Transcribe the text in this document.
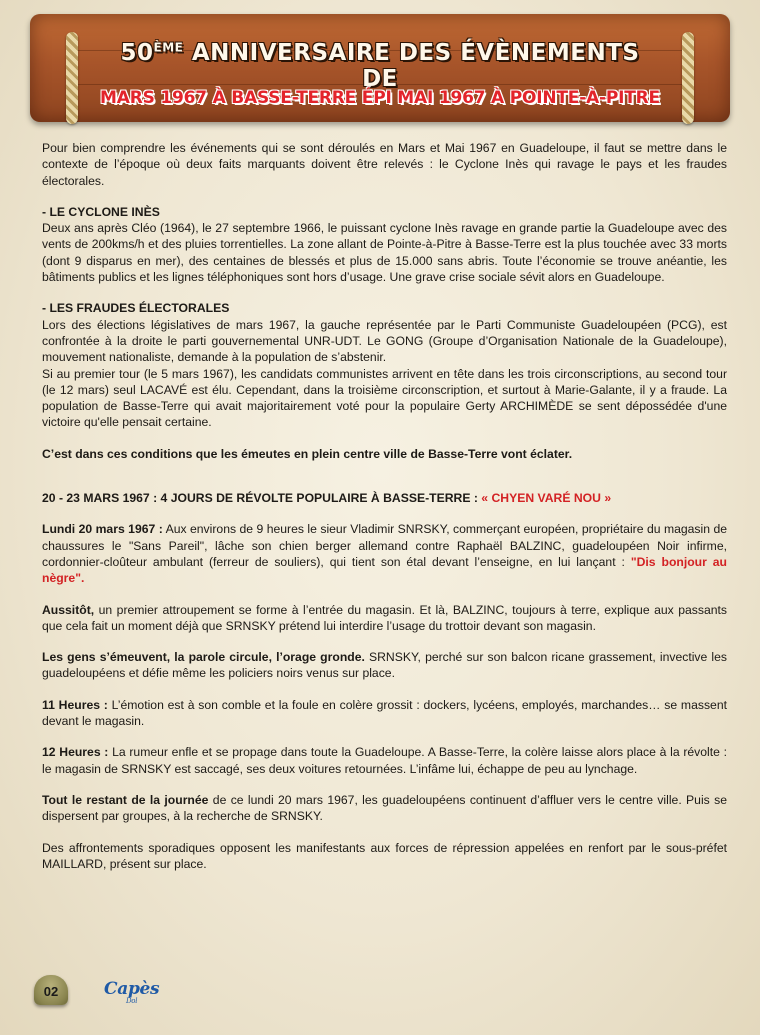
50ÈME ANNIVERSAIRE DES ÉVÈNEMENTS DE
MARS 1967 À BASSE-TERRE ÉPI MAI 1967 À POINTE-À-PITRE

Pour bien comprendre les événements qui se sont déroulés en Mars et Mai 1967 en Guadeloupe, il faut se mettre dans le contexte de l’époque où deux faits marquants doivent être relevés : le Cyclone Inès qui ravage le pays et les fraudes électorales.

- LE CYCLONE INÈS

Deux ans après Cléo (1964), le 27 septembre 1966, le puissant cyclone Inès ravage en grande partie la Guadeloupe avec des vents de 200kms/h et des pluies torrentielles. La zone allant de Pointe-à-Pitre à Basse-Terre est la plus touchée avec 33 morts (dont 9 disparus en mer), des centaines de blessés et plus de 15.000 sans abris. Toute l’économie se trouve anéantie, les bâtiments publics et les lignes téléphoniques sont hors d’usage. Une grave crise sociale sévit alors en Guadeloupe.

- LES FRAUDES ÉLECTORALES

Lors des élections législatives de mars 1967, la gauche représentée par le Parti Communiste Guadeloupéen (PCG), est confrontée à la droite le parti gouvernemental UNR-UDT. Le GONG (Groupe d’Organisation Nationale de la Guadeloupe), mouvement nationaliste, demande à la population de s’abstenir.

Si au premier tour (le 5 mars 1967), les candidats communistes arrivent en tête dans les trois circonscriptions, au second tour (le 12 mars) seul LACAVÉ est élu. Cependant, dans la troisième circonscription, et surtout à Marie-Galante, il y a fraude. La population de Basse-Terre qui avait majoritairement voté pour la populaire Gerty ARCHIMÈDE se sent dépossédée d'une victoire qu'elle pensait certaine.

C’est dans ces conditions que les émeutes en plein centre ville de Basse-Terre vont éclater.

20 - 23 MARS 1967 : 4 JOURS DE RÉVOLTE POPULAIRE À BASSE-TERRE : « CHYEN VARÉ NOU »

Lundi 20 mars 1967 : Aux environs de 9 heures le sieur Vladimir SNRSKY, commerçant européen, propriétaire du magasin de chaussures le "Sans Pareil", lâche son chien berger allemand contre Raphaël BALZINC, guadeloupéen Noir infirme, cordonnier-cloûteur ambulant (ferreur de souliers), qui tient son étal devant l’enseigne, en lui lançant : "Dis bonjour au nègre".

Aussitôt, un premier attroupement se forme à l’entrée du magasin. Et là, BALZINC, toujours à terre, explique aux passants que cela fait un moment déjà que SRNSKY prétend lui interdire l’usage du trottoir devant son magasin.

Les gens s’émeuvent, la parole circule, l’orage gronde. SRNSKY, perché sur son balcon ricane grassement, invective les guadeloupéens et défie même les policiers noirs venus sur place.

11 Heures : L’émotion est à son comble et la foule en colère grossit : dockers, lycéens, employés, marchandes… se massent devant le magasin.

12 Heures : La rumeur enfle et se propage dans toute la Guadeloupe. A Basse-Terre, la colère laisse alors place à la révolte : le magasin de SRNSKY est saccagé, ses deux voitures retournées. L’infâme lui, échappe de peu au lynchage.

Tout le restant de la journée de ce lundi 20 mars 1967, les guadeloupéens continuent d’affluer vers le centre ville. Puis se dispersent par groupes, à la recherche de SRNSKY.

Des affrontements sporadiques opposent les manifestants aux forces de répression appelées en renfort par le sous-préfet MAILLARD, présent sur place.

02	Capès
Dol
